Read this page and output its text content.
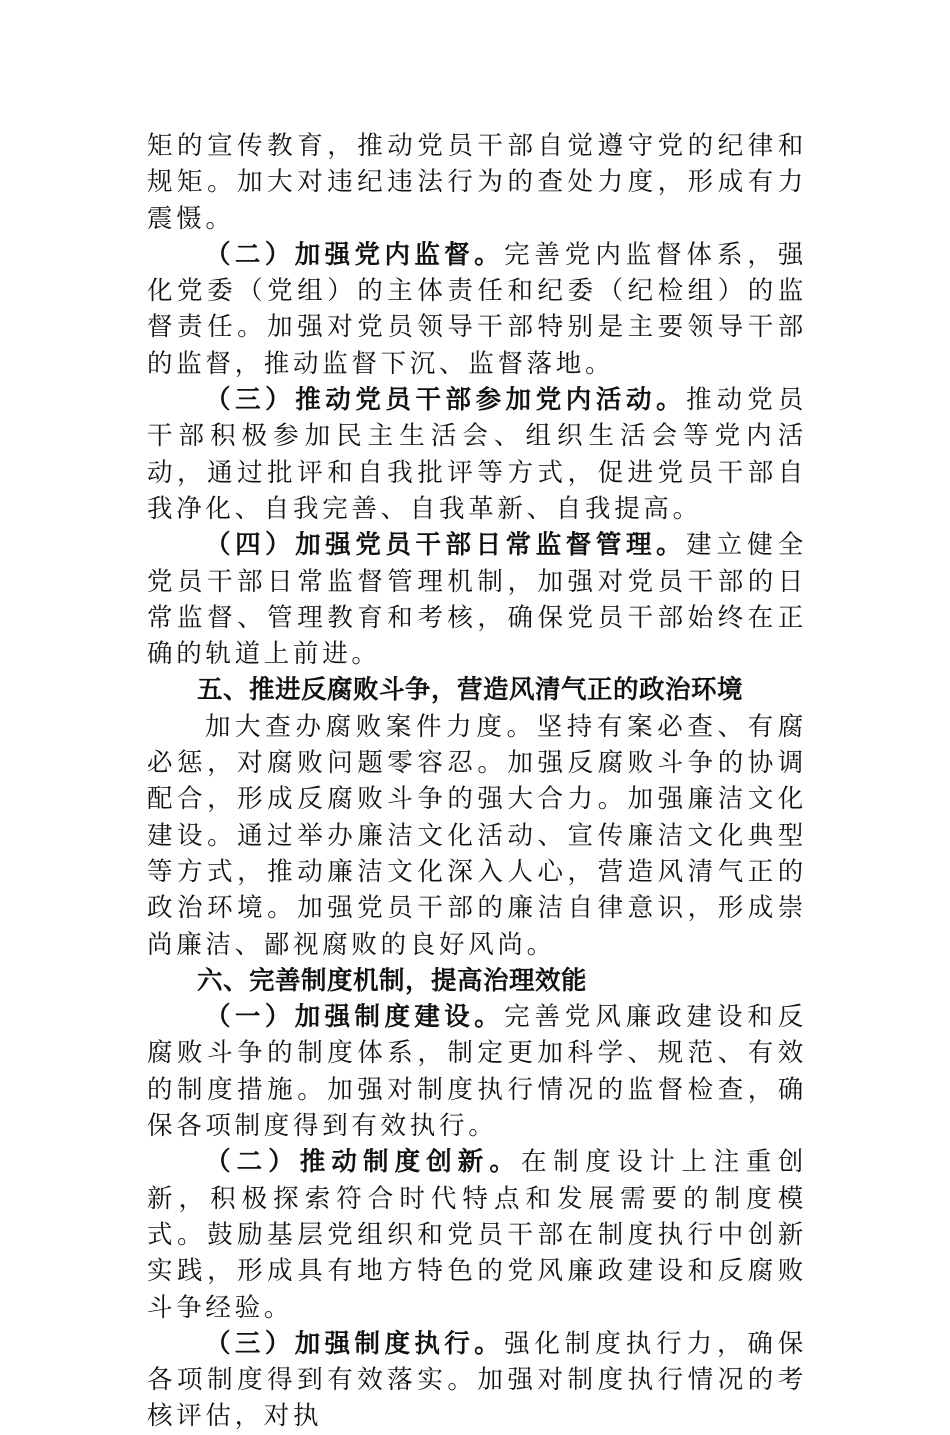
矩的宣传教育，推动党员干部自觉遵守党的纪律和规矩。加大对违纪违法行为的查处力度，形成有力震慑。

（二）加强党内监督。完善党内监督体系，强化党委（党组）的主体责任和纪委（纪检组）的监督责任。加强对党员领导干部特别是主要领导干部的监督，推动监督下沉、监督落地。

（三）推动党员干部参加党内活动。推动党员干部积极参加民主生活会、组织生活会等党内活动，通过批评和自我批评等方式，促进党员干部自我净化、自我完善、自我革新、自我提高。

（四）加强党员干部日常监督管理。建立健全党员干部日常监督管理机制，加强对党员干部的日常监督、管理教育和考核，确保党员干部始终在正确的轨道上前进。

五、推进反腐败斗争，营造风清气正的政治环境

加大查办腐败案件力度。坚持有案必查、有腐必惩，对腐败问题零容忍。加强反腐败斗争的协调配合，形成反腐败斗争的强大合力。加强廉洁文化建设。通过举办廉洁文化活动、宣传廉洁文化典型等方式，推动廉洁文化深入人心，营造风清气正的政治环境。加强党员干部的廉洁自律意识，形成崇尚廉洁、鄙视腐败的良好风尚。

六、完善制度机制，提高治理效能

（一）加强制度建设。完善党风廉政建设和反腐败斗争的制度体系，制定更加科学、规范、有效的制度措施。加强对制度执行情况的监督检查，确保各项制度得到有效执行。

（二）推动制度创新。在制度设计上注重创新，积极探索符合时代特点和发展需要的制度模式。鼓励基层党组织和党员干部在制度执行中创新实践，形成具有地方特色的党风廉政建设和反腐败斗争经验。

（三）加强制度执行。强化制度执行力，确保各项制度得到有效落实。加强对制度执行情况的考核评估，对执
